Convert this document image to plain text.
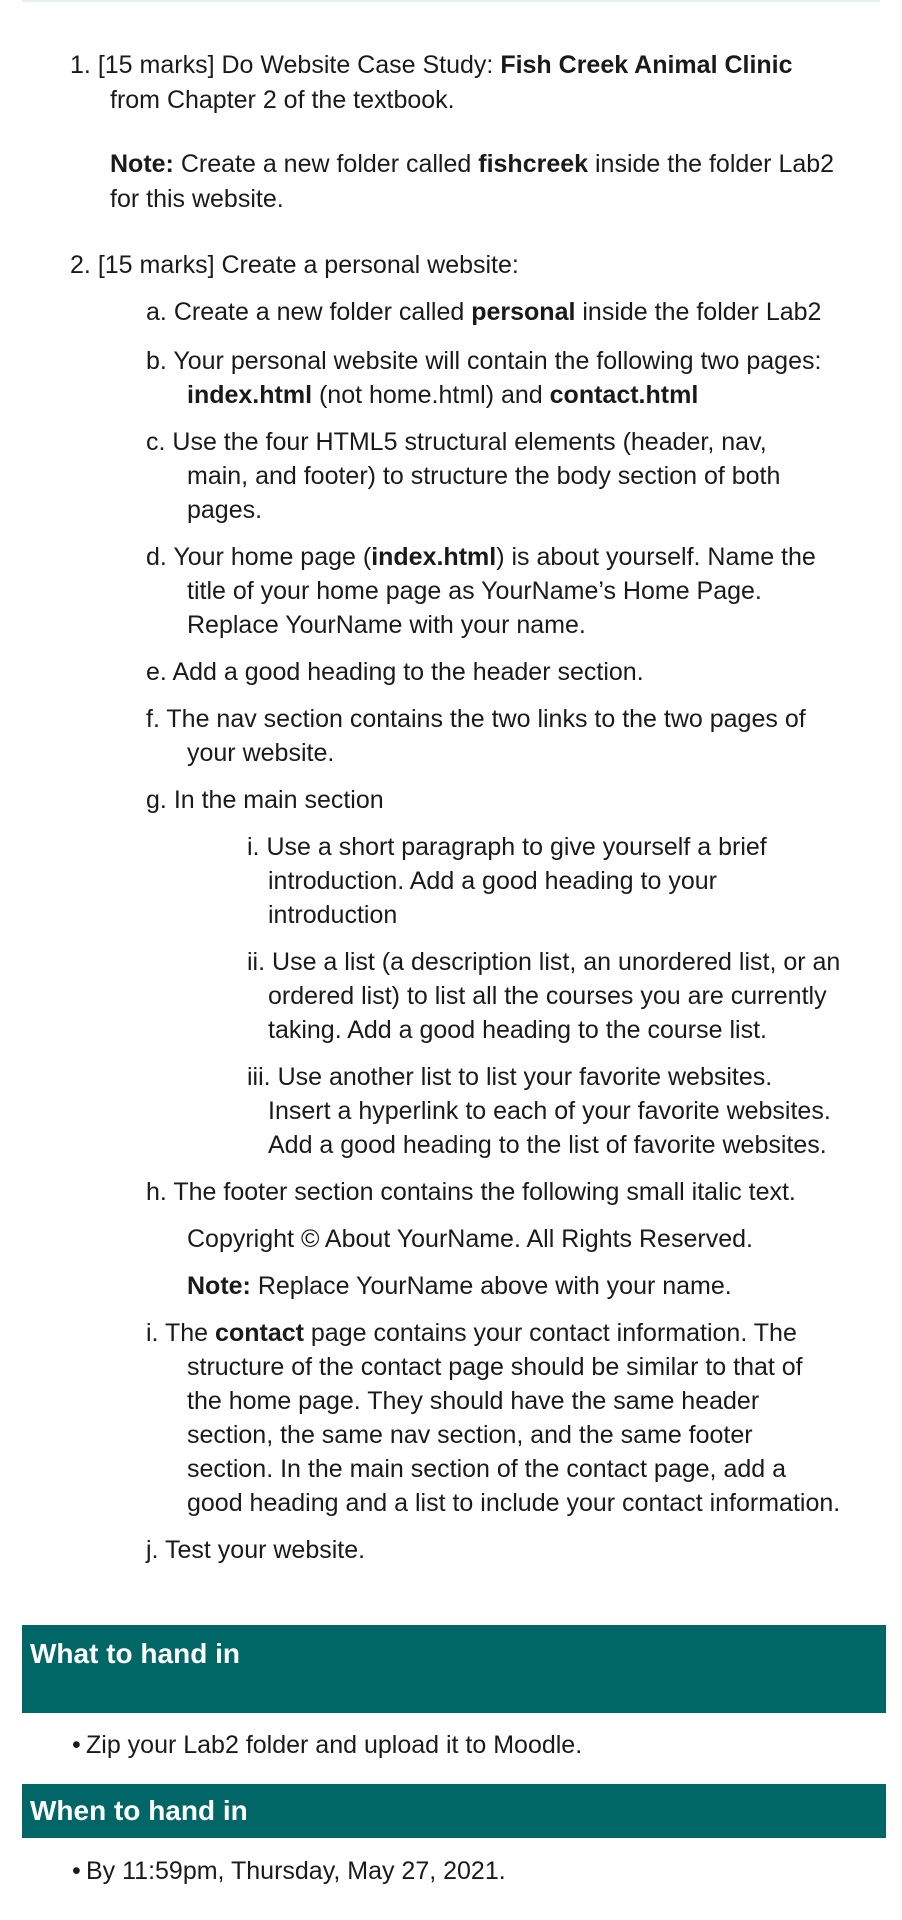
1. [15 marks] Do Website Case Study: Fish Creek Animal Clinic
from Chapter 2 of the textbook.
Note: Create a new folder called fishcreek inside the folder Lab2
for this website.
2. [15 marks] Create a personal website:
a. Create a new folder called personal inside the folder Lab2
b. Your personal website will contain the following two pages:
index.html (not home.html) and contact.html
c. Use the four HTML5 structural elements (header, nav,
main, and footer) to structure the body section of both
pages.
d. Your home page (index.html) is about yourself. Name the
title of your home page as YourName’s Home Page.
Replace YourName with your name.
e. Add a good heading to the header section.
f. The nav section contains the two links to the two pages of
your website.
g. In the main section
i. Use a short paragraph to give yourself a brief
introduction. Add a good heading to your
introduction
ii. Use a list (a description list, an unordered list, or an
ordered list) to list all the courses you are currently
taking. Add a good heading to the course list.
iii. Use another list to list your favorite websites.
Insert a hyperlink to each of your favorite websites.
Add a good heading to the list of favorite websites.
h. The footer section contains the following small italic text.
Copyright © About YourName. All Rights Reserved.
Note: Replace YourName above with your name.
i. The contact page contains your contact information. The
structure of the contact page should be similar to that of
the home page. They should have the same header
section, the same nav section, and the same footer
section. In the main section of the contact page, add a
good heading and a list to include your contact information.
j. Test your website.
What to hand in
• Zip your Lab2 folder and upload it to Moodle.
When to hand in
• By 11:59pm, Thursday, May 27, 2021.
